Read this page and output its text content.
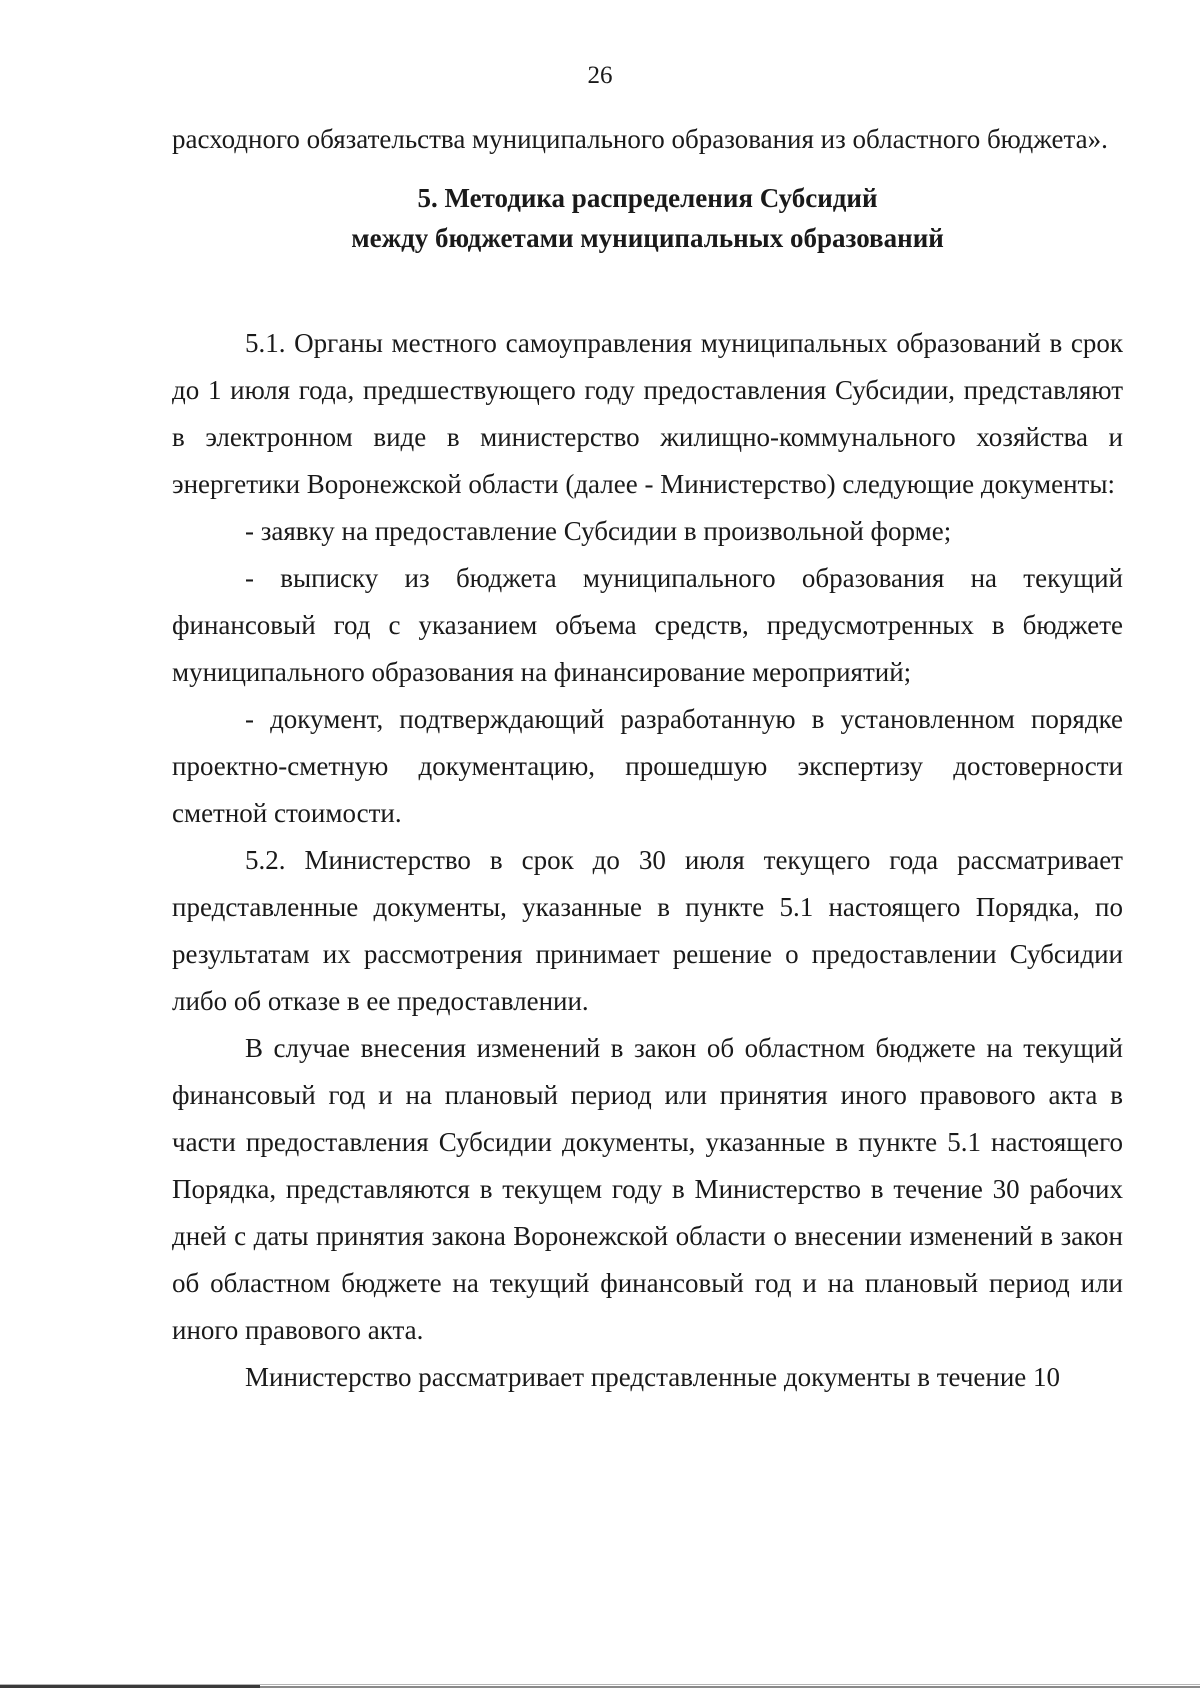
26

расходного обязательства муниципального образования из областного бюджета».

5. Методика распределения Субсидий
между бюджетами муниципальных образований

5.1. Органы местного самоуправления муниципальных образований в срок до 1 июля года, предшествующего году предоставления Субсидии, представляют в электронном виде в министерство жилищно-коммунального хозяйства и энергетики Воронежской области (далее - Министерство) следующие документы:

- заявку на предоставление Субсидии в произвольной форме;

- выписку из бюджета муниципального образования на текущий финансовый год с указанием объема средств, предусмотренных в бюджете муниципального образования на финансирование мероприятий;

- документ, подтверждающий разработанную в установленном порядке проектно-сметную документацию, прошедшую экспертизу достоверности сметной стоимости.

5.2. Министерство в срок до 30 июля текущего года рассматривает представленные документы, указанные в пункте 5.1 настоящего Порядка, по результатам их рассмотрения принимает решение о предоставлении Субсидии либо об отказе в ее предоставлении.

В случае внесения изменений в закон об областном бюджете на текущий финансовый год и на плановый период или принятия иного правового акта в части предоставления Субсидии документы, указанные в пункте 5.1 настоящего Порядка, представляются в текущем году в Министерство в течение 30 рабочих дней с даты принятия закона Воронежской области о внесении изменений в закон об областном бюджете на текущий финансовый год и на плановый период или иного правового акта.

Министерство рассматривает представленные документы в течение 10
